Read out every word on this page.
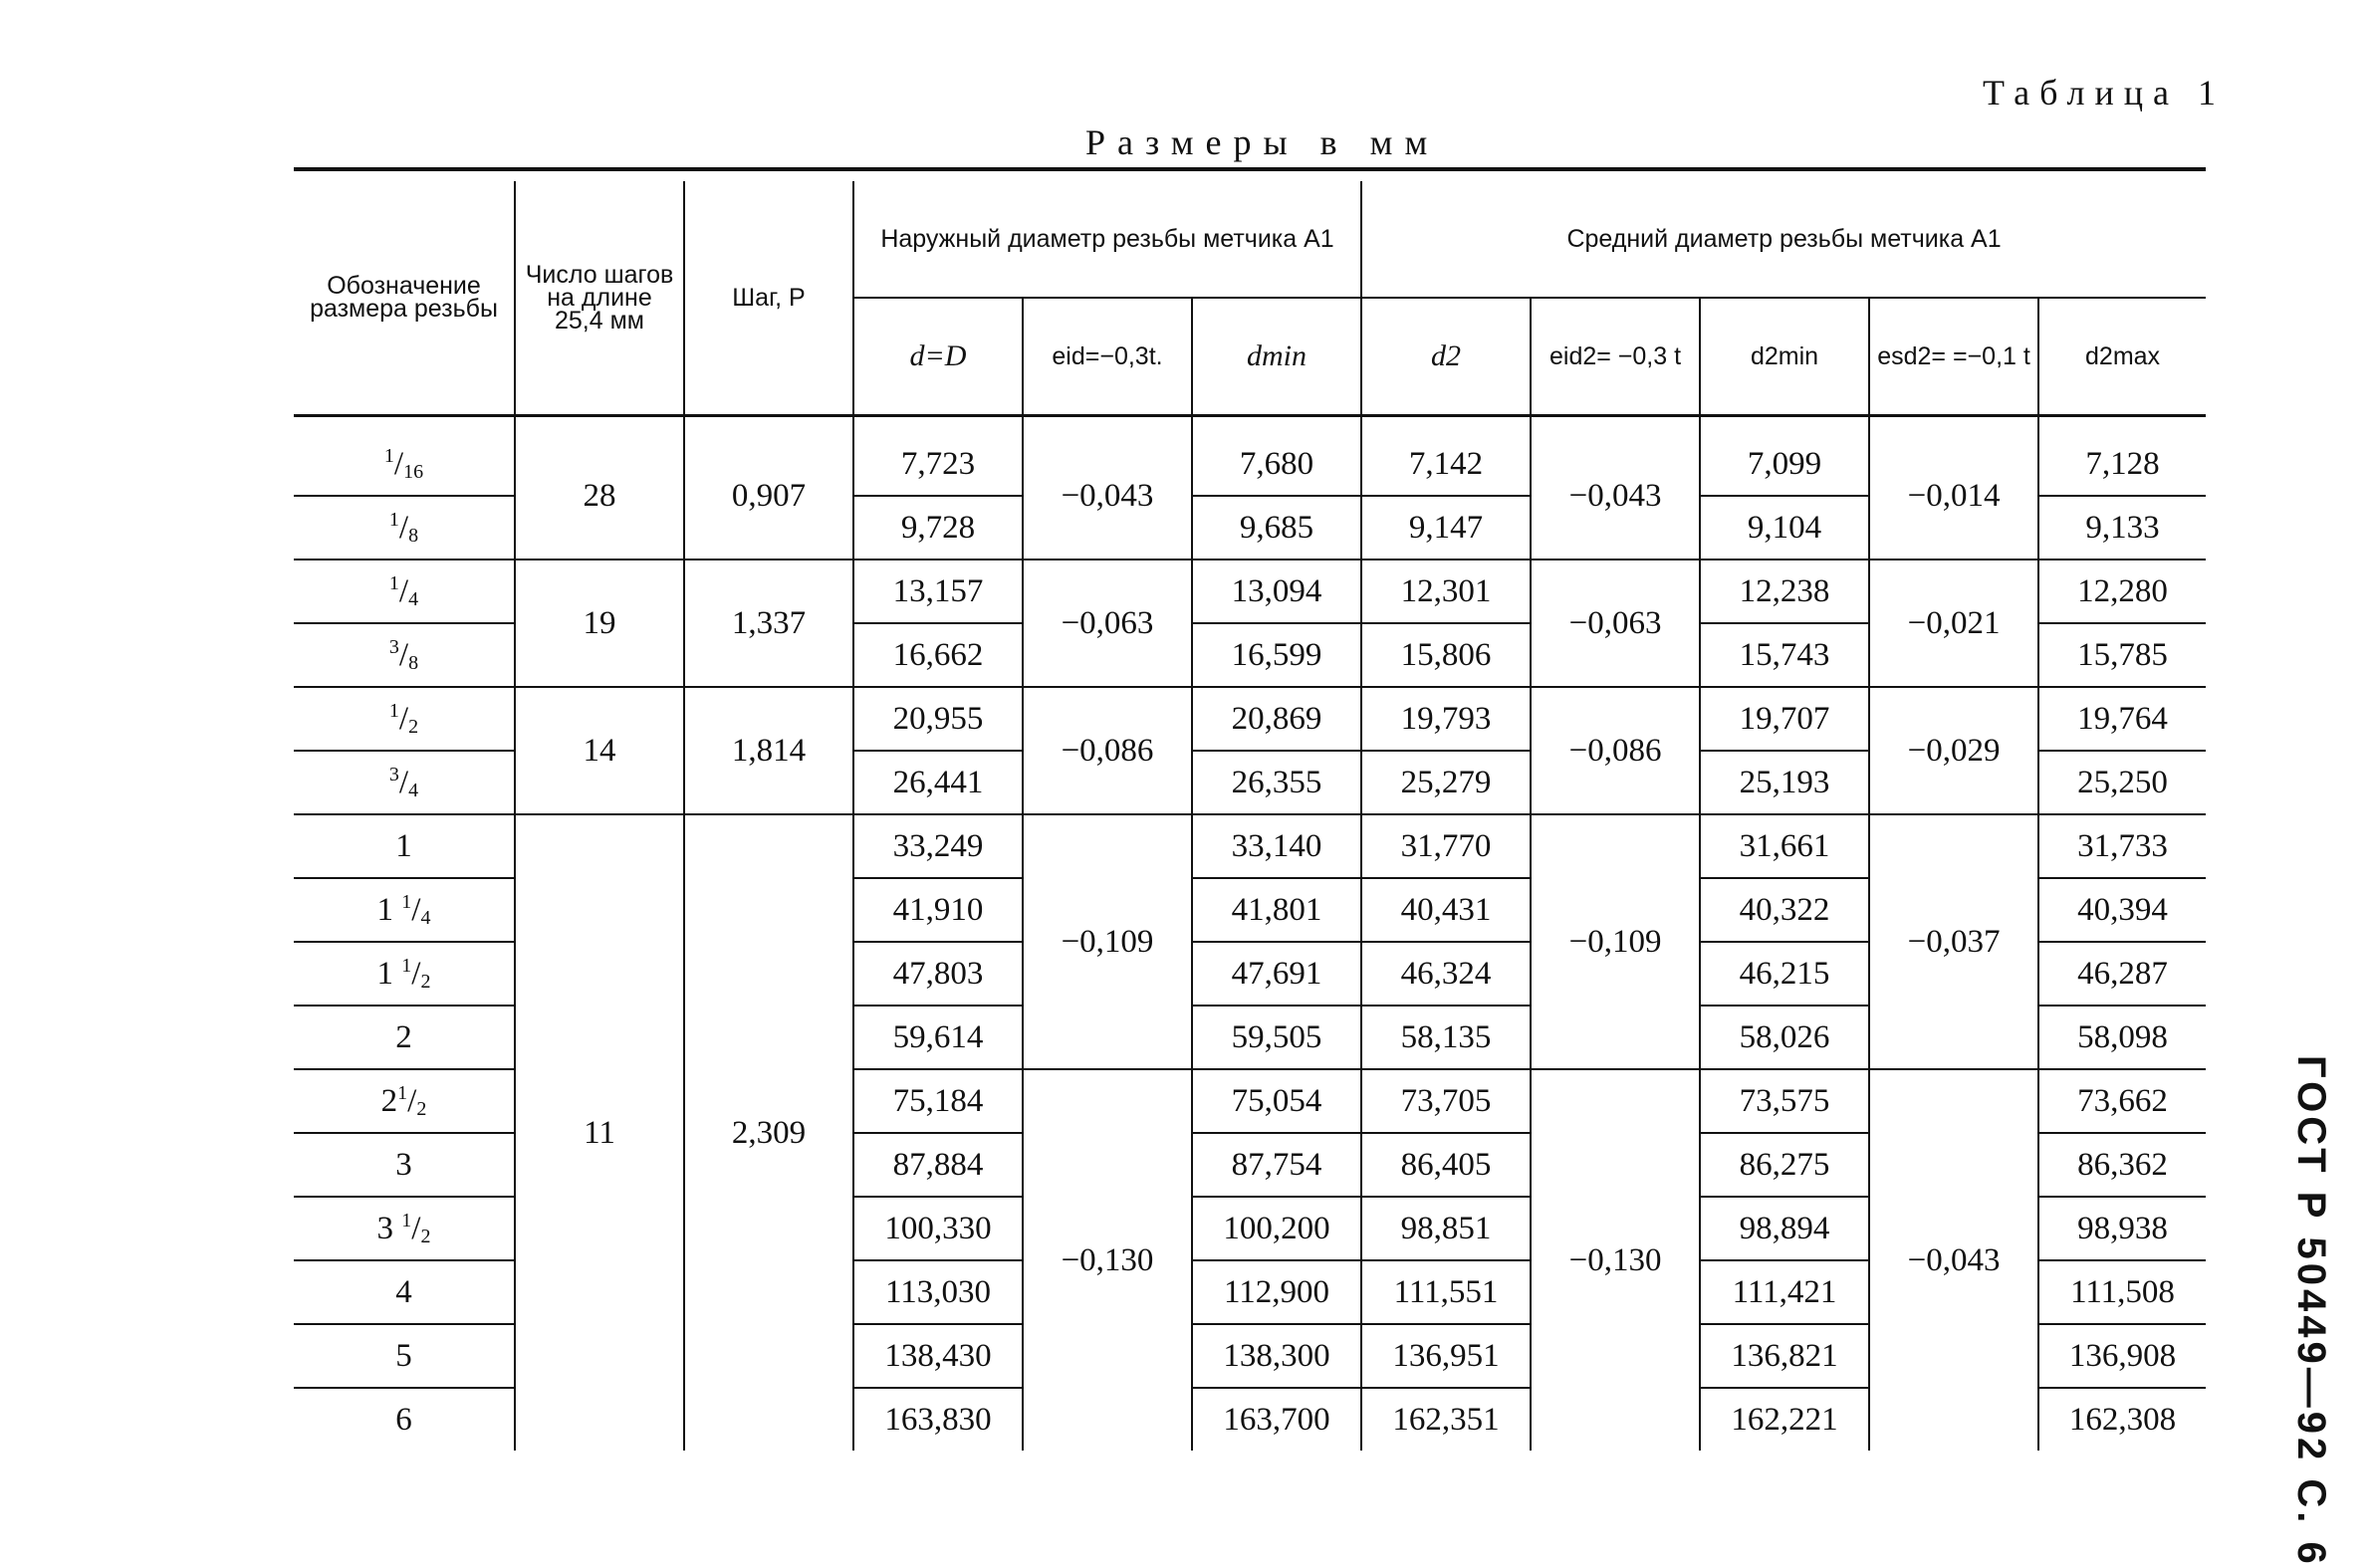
Таблица 1
Размеры в мм
ГОСТ Р 50449—92 С. 6
Обозначение размера резьбы	Число шагов на длине 25,4 мм	Шаг, P	Наружный диаметр резьбы метчика А1			Средний диаметр резьбы метчика А1				
			d=D	eid=−0,3t.	dmin	d2	eid2= −0,3 t	d2min	esd2= =−0,1 t	d2max
$^1/_{16}$	28	0,907	7,723	−0,043	7,680	7,142	−0,043	7,099	−0,014	7,128
$^1/_8$			9,728		9,685	9,147		9,104		9,133
$^1/_4$	19	1,337	13,157	−0,063	13,094	12,301	−0,063	12,238	−0,021	12,280
$^3/_8$			16,662		16,599	15,806		15,743		15,785
$^1/_2$	14	1,814	20,955	−0,086	20,869	19,793	−0,086	19,707	−0,029	19,764
$^3/_4$			26,441		26,355	25,279		25,193		25,250
1	11	2,309	33,249	−0,109	33,140	31,770	−0,109	31,661	−0,037	31,733
1 $^1/_4$			41,910		41,801	40,431		40,322		40,394
1 $^1/_2$			47,803		47,691	46,324		46,215		46,287
2			59,614		59,505	58,135		58,026		58,098
$2^1/_2$			75,184	−0,130	75,054	73,705	−0,130	73,575	−0,043	73,662
3			87,884		87,754	86,405		86,275		86,362
3 $^1/_2$			100,330		100,200	98,851		98,894		98,938
4			113,030		112,900	111,551		111,421		111,508
5			138,430		138,300	136,951		136,821		136,908
6			163,830		163,700	162,351		162,221		162,308
